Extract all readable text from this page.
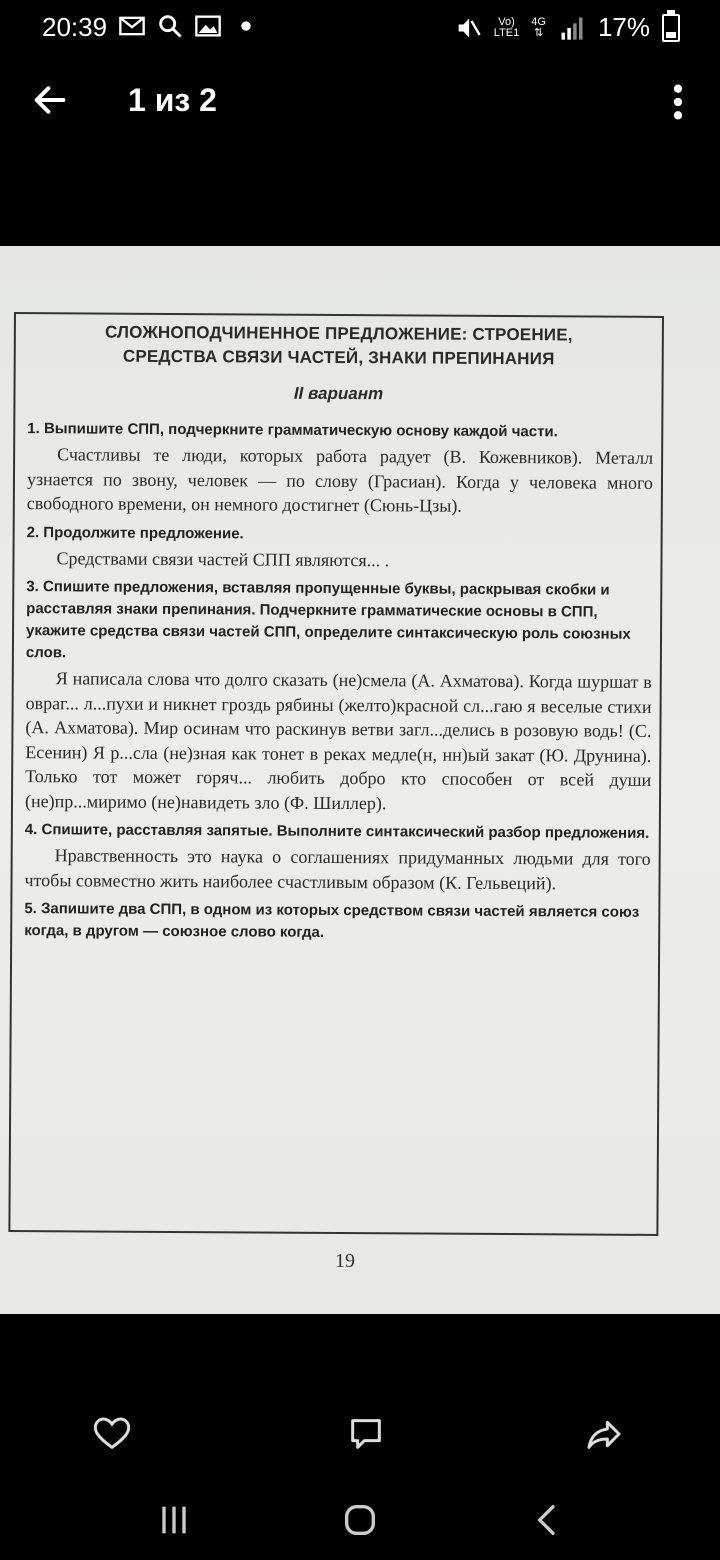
20:39	Vo)
LTE1
4G
⇅ 17%
1 из 2
СЛОЖНОПОДЧИНЕННОЕ ПРЕДЛОЖЕНИЕ: СТРОЕНИЕ,
СРЕДСТВА СВЯЗИ ЧАСТЕЙ, ЗНАКИ ПРЕПИНАНИЯ
II вариант
1. Выпишите СПП, подчеркните грамматическую основу каждой части.
Счастливы те люди, которых работа радует (В. Кожевников). Металл узнается по звону, человек — по слову (Грасиан). Когда у человека много свободного времени, он немного достигнет (Сюнь-Цзы).
2. Продолжите предложение.
Средствами связи частей СПП являются... .
3. Спишите предложения, вставляя пропущенные буквы, раскрывая скобки и расставляя знаки препинания. Подчеркните грамматические основы в СПП, укажите средства связи частей СПП, определите синтаксическую роль союзных слов.
Я написала слова что долго сказать (не)смела (А. Ахматова). Когда шуршат в овраг... л...пухи и никнет гроздь рябины (желто)красной сл...гаю я веселые стихи (А. Ахматова). Мир осинам что раскинув ветви загл...делись в розовую водь! (С. Есенин) Я р...сла (не)зная как тонет в реках медле(н, нн)ый закат (Ю. Друнина). Только тот может горяч... любить добро кто способен от всей души (не)пр...миримо (не)навидеть зло (Ф. Шиллер).
4. Спишите, расставляя запятые. Выполните синтаксический разбор предложения.
Нравственность это наука о соглашениях придуманных людьми для того чтобы совместно жить наиболее счастливым образом (К. Гельвеций).
5. Запишите два СПП, в одном из которых средством связи частей является союз когда, в другом — союзное слово когда.
19
